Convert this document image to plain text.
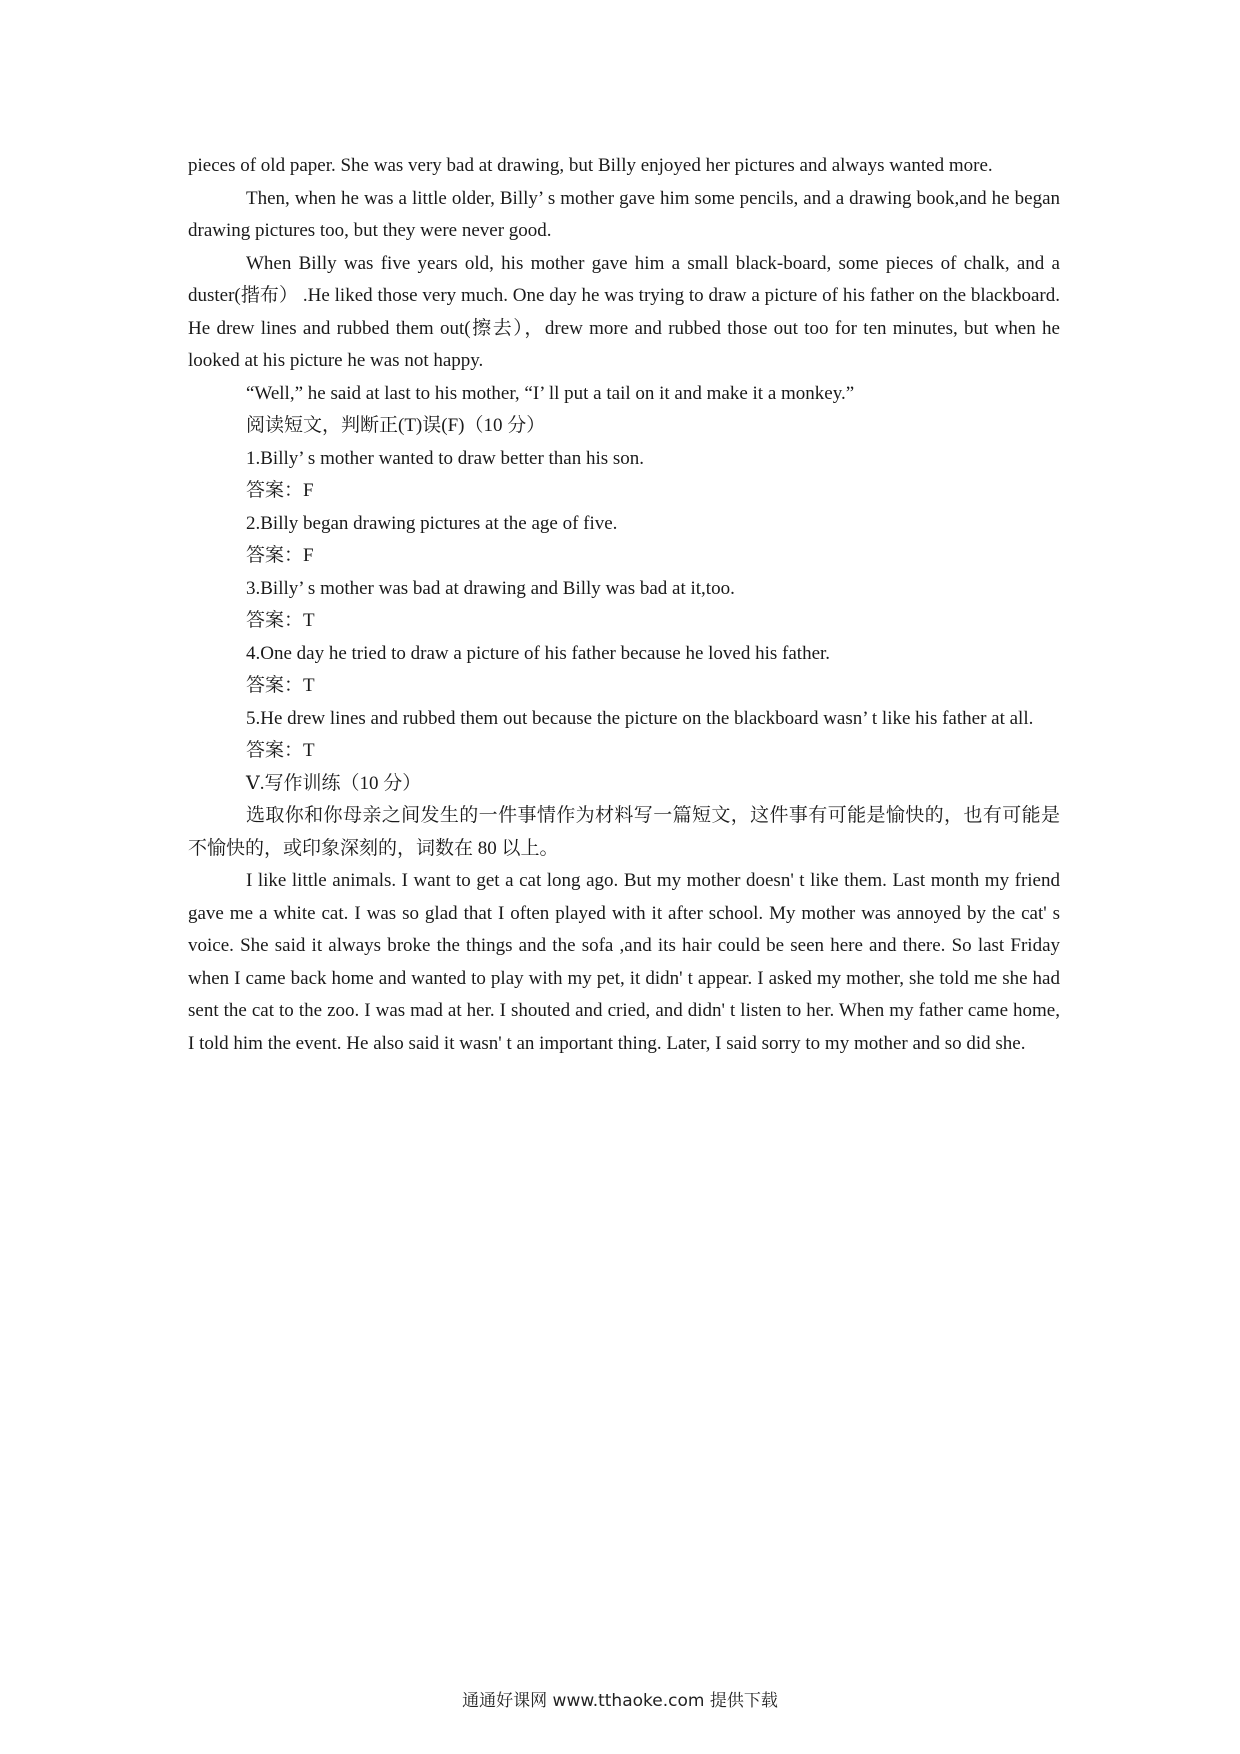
pieces of old paper. She was very bad at drawing, but Billy enjoyed her pictures and always wanted more.

Then, when he was a little older, Billy’ s mother gave him some pencils, and a drawing book,and he began drawing pictures too, but they were never good.

When Billy was five years old, his mother gave him a small black-board, some pieces of chalk, and a duster(揩布） .He liked those very much. One day he was trying to draw a picture of his father on the blackboard. He drew lines and rubbed them out(擦去），drew more and rubbed those out too for ten minutes, but when he looked at his picture he was not happy.

“Well,” he said at last to his mother, “I’ ll put a tail on it and make it a monkey.”

阅读短文，判断正(T)误(F)（10 分）

1.Billy’ s mother wanted to draw better than his son.

答案：F

2.Billy began drawing pictures at the age of five.

答案：F

3.Billy’ s mother was bad at drawing and Billy was bad at it,too.

答案：T

4.One day he tried to draw a picture of his father because he loved his father.

答案：T

5.He drew lines and rubbed them out because the picture on the blackboard wasn’ t like his father at all.

答案：T

Ⅴ.写作训练（10 分）

选取你和你母亲之间发生的一件事情作为材料写一篇短文，这件事有可能是愉快的，也有可能是不愉快的，或印象深刻的，词数在 80 以上。

I like little animals. I want to get a cat long ago. But my mother doesn' t like them. Last month my friend gave me a white cat. I was so glad that I often played with it after school. My mother was annoyed by the cat' s voice. She said it always broke the things and the sofa ,and its hair could be seen here and there. So last Friday when I came back home and wanted to play with my pet, it didn' t appear. I asked my mother, she told me she had sent the cat to the zoo. I was mad at her. I shouted and cried, and didn' t listen to her. When my father came home, I told him the event. He also said it wasn' t an important thing. Later, I said sorry to my mother and so did she.

通通好课网 www.tthaoke.com 提供下载
